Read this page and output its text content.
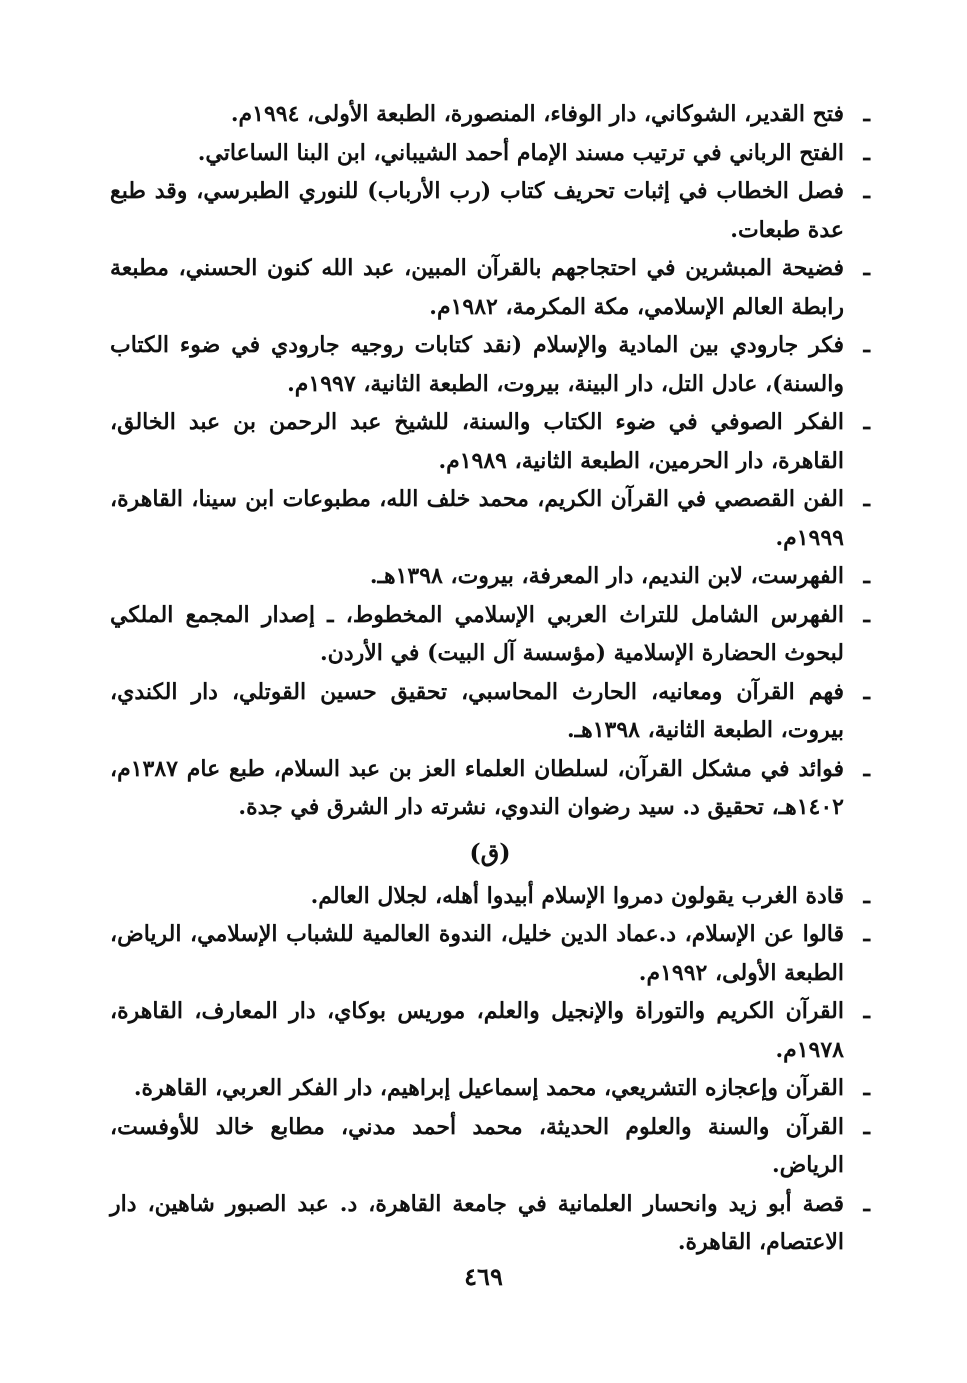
ـ
فتح القدير، الشوكاني، دار الوفاء، المنصورة، الطبعة الأولى، ١٩٩٤م.
ـ
الفتح الرباني في ترتيب مسند الإمام أحمد الشيباني، ابن البنا الساعاتي.
ـ
فصل الخطاب في إثبات تحريف كتاب (رب الأرباب) للنوري الطبرسي، وقد طبع عدة طبعات.
ـ
فضيحة المبشرين في احتجاجهم بالقرآن المبين، عبد الله كنون الحسني، مطبعة رابطة العالم الإسلامي، مكة المكرمة، ١٩٨٢م.
ـ
فكر جارودي بين المادية والإسلام (نقد كتابات روجيه جارودي في ضوء الكتاب والسنة)، عادل التل، دار البينة، بيروت، الطبعة الثانية، ١٩٩٧م.
ـ
الفكر الصوفي في ضوء الكتاب والسنة، للشيخ عبد الرحمن بن عبد الخالق، القاهرة، دار الحرمين، الطبعة الثانية، ١٩٨٩م.
ـ
الفن القصصي في القرآن الكريم، محمد خلف الله، مطبوعات ابن سينا، القاهرة، ١٩٩٩م.
ـ
الفهرست، لابن النديم، دار المعرفة، بيروت، ١٣٩٨هـ.
ـ
الفهرس الشامل للتراث العربي الإسلامي المخطوط، ـ إصدار المجمع الملكي لبحوث الحضارة الإسلامية (مؤسسة آل البيت) في الأردن.
ـ
فهم القرآن ومعانيه، الحارث المحاسبي، تحقيق حسين القوتلي، دار الكندي، بيروت، الطبعة الثانية، ١٣٩٨هـ.
ـ
فوائد في مشكل القرآن، لسلطان العلماء العز بن عبد السلام، طبع عام ١٣٨٧م، ١٤٠٢هـ، تحقيق د. سيد رضوان الندوي، نشرته دار الشرق في جدة.
(ق)
ـ
قادة الغرب يقولون دمروا الإسلام أبيدوا أهله، لجلال العالم.
ـ
قالوا عن الإسلام، د.عماد الدين خليل، الندوة العالمية للشباب الإسلامي، الرياض، الطبعة الأولى، ١٩٩٢م.
ـ
القرآن الكريم والتوراة والإنجيل والعلم، موريس بوكاي، دار المعارف، القاهرة، ١٩٧٨م.
ـ
القرآن وإعجازه التشريعي، محمد إسماعيل إبراهيم، دار الفكر العربي، القاهرة.
ـ
القرآن والسنة والعلوم الحديثة، محمد أحمد مدني، مطابع خالد للأوفست، الرياض.
ـ
قصة أبو زيد وانحسار العلمانية في جامعة القاهرة، د. عبد الصبور شاهين، دار الاعتصام، القاهرة.
٤٦٩
